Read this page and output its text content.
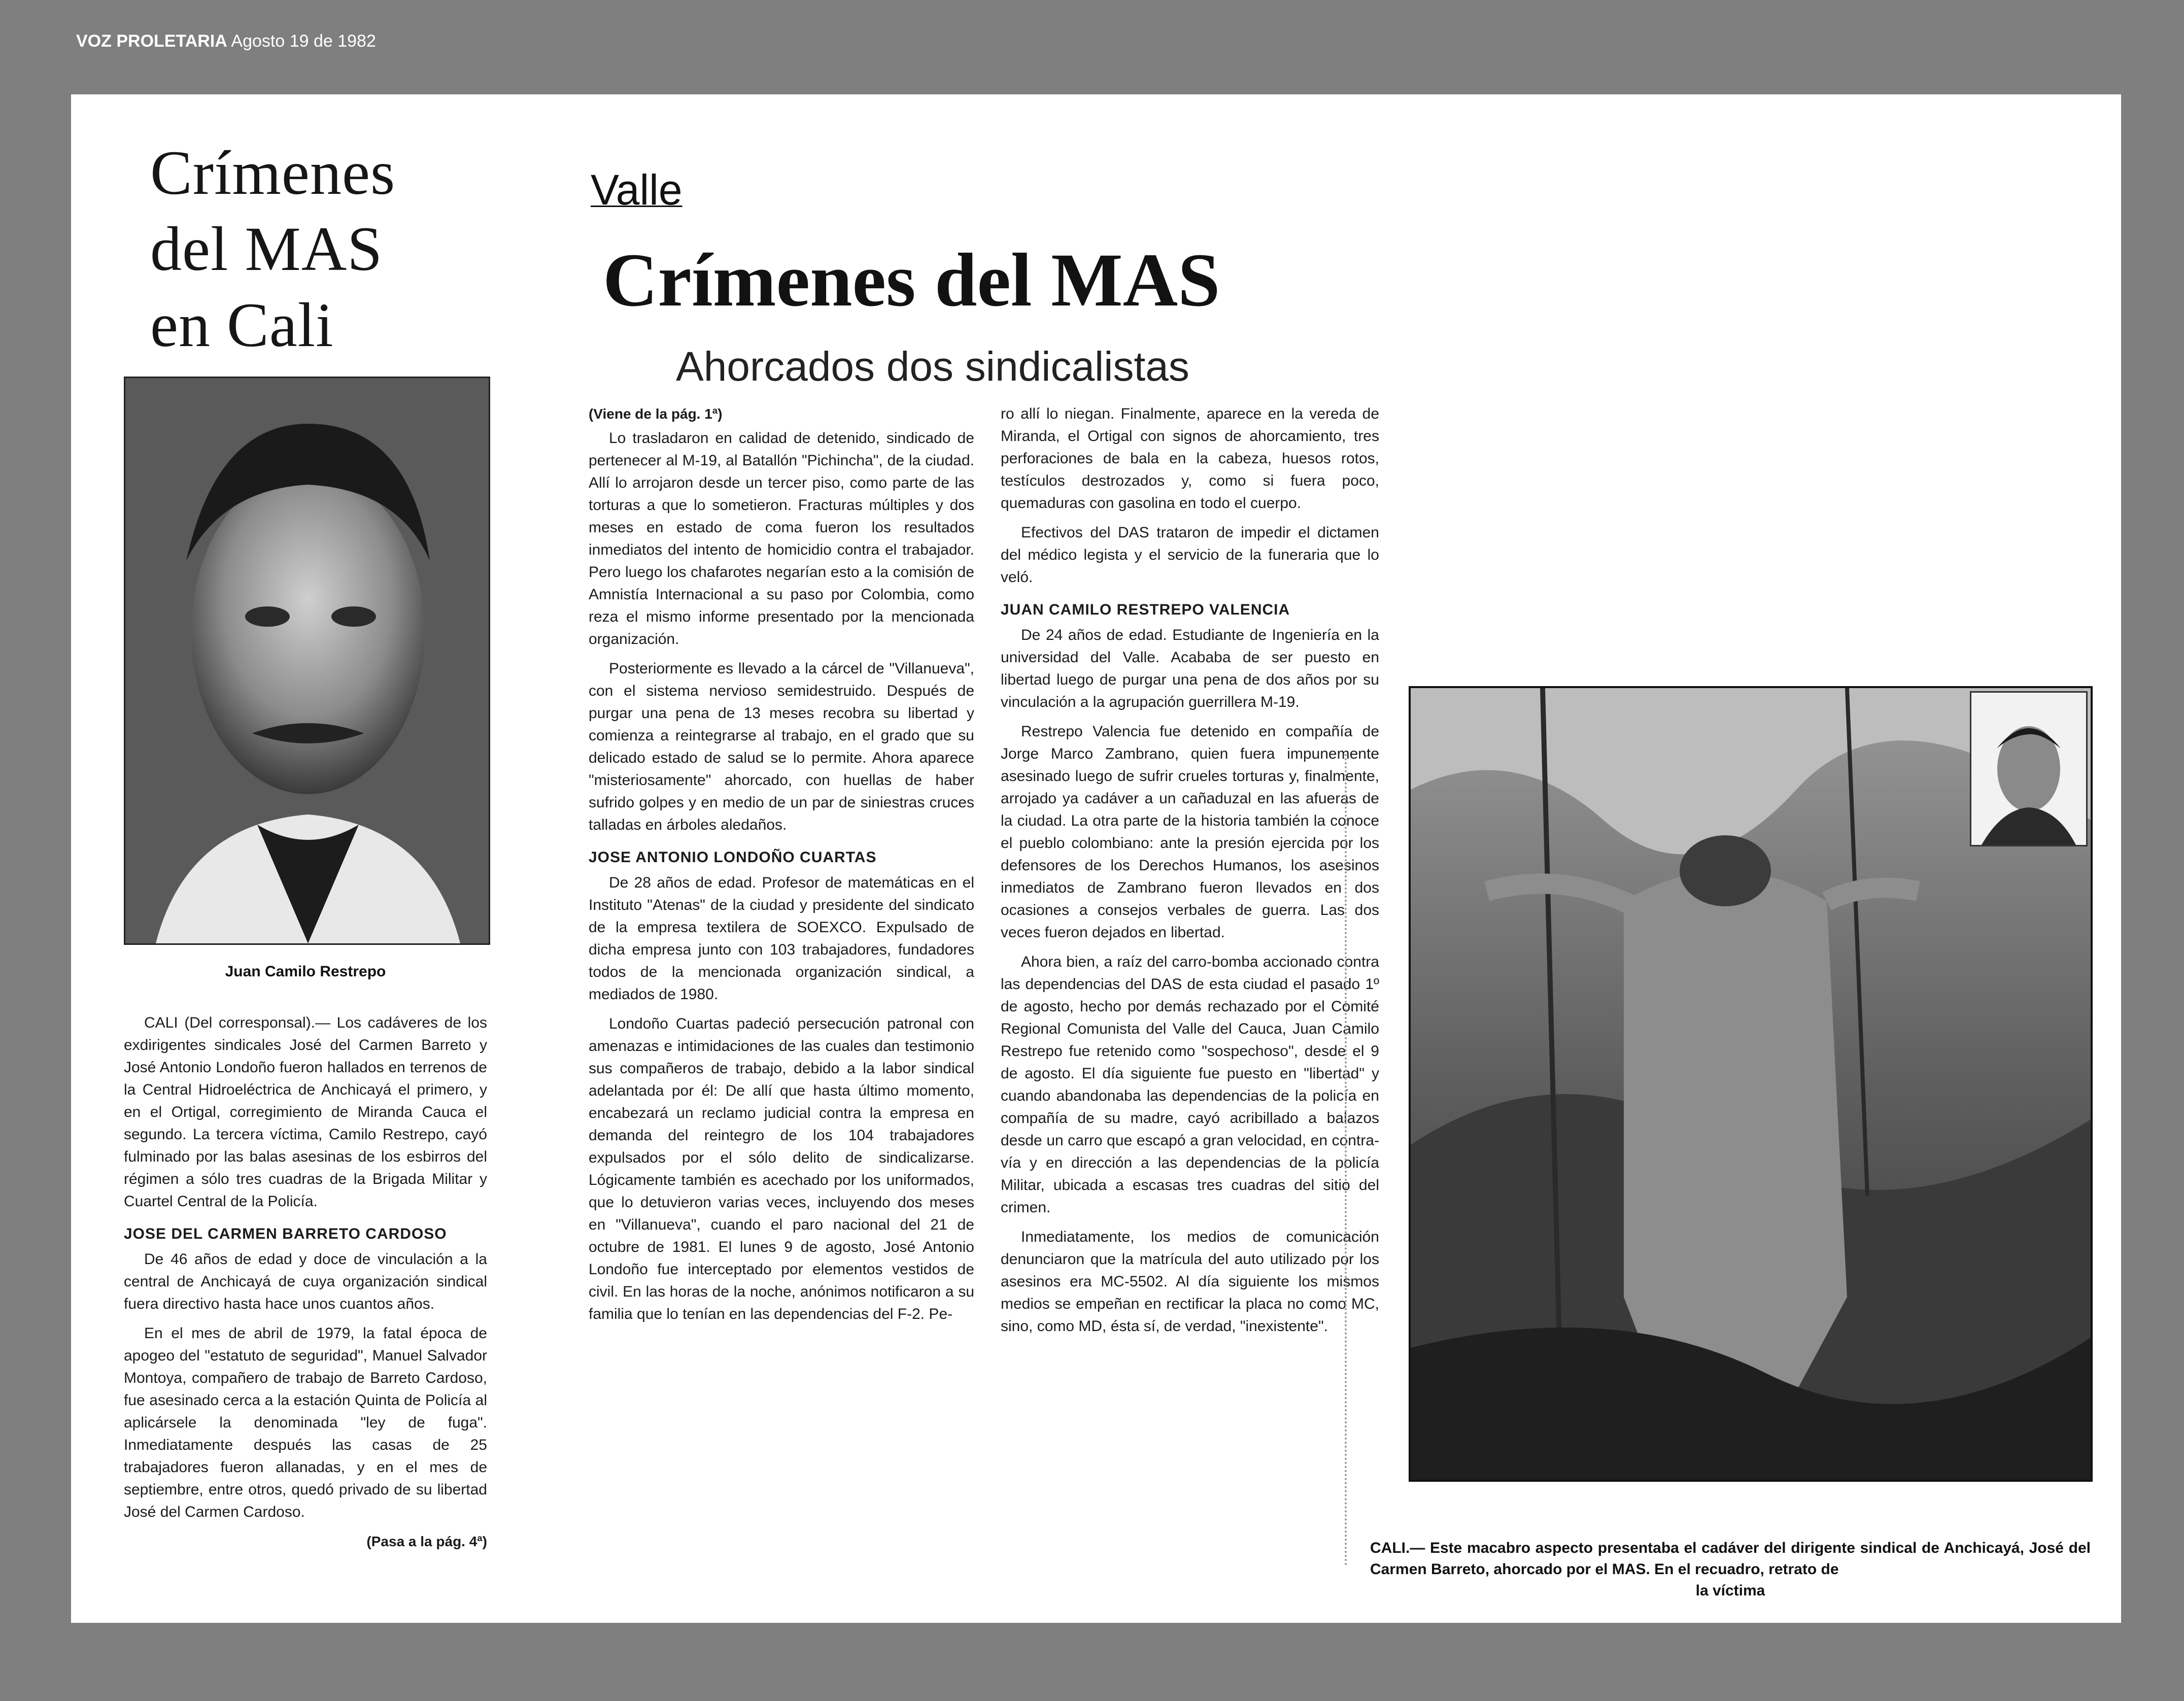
VOZ PROLETARIA Agosto 19 de 1982
Crímenes
del MAS
en Cali
Juan Camilo Restrepo

CALI (Del corresponsal).— Los cadáveres de los exdirigentes sindicales José del Carmen Barreto y José Antonio Londoño fueron hallados en terrenos de la Central Hidroeléctrica de Anchicayá el primero, y en el Ortigal, corregimiento de Miranda Cauca el segundo. La tercera víctima, Camilo Restrepo, cayó fulminado por las balas asesinas de los esbirros del régimen a sólo tres cuadras de la Brigada Militar y Cuartel Central de la Policía.

JOSE DEL CARMEN BARRETO CARDOSO

De 46 años de edad y doce de vinculación a la central de Anchicayá de cuya organización sindical fuera directivo hasta hace unos cuantos años.

En el mes de abril de 1979, la fatal época de apogeo del "estatuto de seguridad", Manuel Salvador Montoya, compañero de trabajo de Barreto Cardoso, fue asesinado cerca a la estación Quinta de Policía al aplicársele la denominada "ley de fuga". Inmediatamente después las casas de 25 trabajadores fueron allanadas, y en el mes de septiembre, entre otros, quedó privado de su libertad José del Carmen Cardoso.

(Pasa a la pág. 4ª)
Valle
Crímenes del MAS
Ahorcados dos sindicalistas
(Viene de la pág. 1ª)

Lo trasladaron en calidad de detenido, sindicado de pertenecer al M-19, al Batallón "Pichincha", de la ciudad. Allí lo arrojaron desde un tercer piso, como parte de las torturas a que lo sometieron. Fracturas múltiples y dos meses en estado de coma fueron los resultados inmediatos del intento de homicidio contra el trabajador. Pero luego los chafarotes negarían esto a la comisión de Amnistía Internacional a su paso por Colombia, como reza el mismo informe presentado por la mencionada organización.

Posteriormente es llevado a la cárcel de "Villanueva", con el sistema nervioso semidestruido. Después de purgar una pena de 13 meses recobra su libertad y comienza a reintegrarse al trabajo, en el grado que su delicado estado de salud se lo permite. Ahora aparece "misteriosamente" ahorcado, con huellas de haber sufrido golpes y en medio de un par de siniestras cruces talladas en árboles aledaños.

JOSE ANTONIO LONDOÑO CUARTAS

De 28 años de edad. Profesor de matemáticas en el Instituto "Atenas" de la ciudad y presidente del sindicato de la empresa textilera de SOEXCO. Expulsado de dicha empresa junto con 103 trabajadores, fundadores todos de la mencionada organización sindical, a mediados de 1980.

Londoño Cuartas padeció persecución patronal con amenazas e intimidaciones de las cuales dan testimonio sus compañeros de trabajo, debido a la labor sindical adelantada por él: De allí que hasta último momento, encabezará un reclamo judicial contra la empresa en demanda del reintegro de los 104 trabajadores expulsados por el sólo delito de sindicalizarse. Lógicamente también es acechado por los uniformados, que lo detuvieron varias veces, incluyendo dos meses en "Villanueva", cuando el paro nacional del 21 de octubre de 1981. El lunes 9 de agosto, José Antonio Londoño fue interceptado por elementos vestidos de civil. En las horas de la noche, anónimos notificaron a su familia que lo tenían en las dependencias del F-2. Pe-

ro allí lo niegan. Finalmente, aparece en la vereda de Miranda, el Ortigal con signos de ahorcamiento, tres perforaciones de bala en la cabeza, huesos rotos, testículos destrozados y, como si fuera poco, quemaduras con gasolina en todo el cuerpo.

Efectivos del DAS trataron de impedir el dictamen del médico legista y el servicio de la funeraria que lo veló.

JUAN CAMILO RESTREPO VALENCIA

De 24 años de edad. Estudiante de Ingeniería en la universidad del Valle. Acababa de ser puesto en libertad luego de purgar una pena de dos años por su vinculación a la agrupación guerrillera M-19.

Restrepo Valencia fue detenido en compañía de Jorge Marco Zambrano, quien fuera impunemente asesinado luego de sufrir crueles torturas y, finalmente, arrojado ya cadáver a un cañaduzal en las afueras de la ciudad. La otra parte de la historia también la conoce el pueblo colombiano: ante la presión ejercida por los defensores de los Derechos Humanos, los asesinos inmediatos de Zambrano fueron llevados en dos ocasiones a consejos verbales de guerra. Las dos veces fueron dejados en libertad.

Ahora bien, a raíz del carro-bomba accionado contra las dependencias del DAS de esta ciudad el pasado 1º de agosto, hecho por demás rechazado por el Comité Regional Comunista del Valle del Cauca, Juan Camilo Restrepo fue retenido como "sospechoso", desde el 9 de agosto. El día siguiente fue puesto en "libertad" y cuando abandonaba las dependencias de la policía en compañía de su madre, cayó acribillado a balazos desde un carro que escapó a gran velocidad, en contra-vía y en dirección a las dependencias de la policía Militar, ubicada a escasas tres cuadras del sitio del crimen.

Inmediatamente, los medios de comunicación denunciaron que la matrícula del auto utilizado por los asesinos era MC-5502. Al día siguiente los mismos medios se empeñan en rectificar la placa no como MC, sino, como MD, ésta sí, de verdad, "inexistente".

CALI.— Este macabro aspecto presentaba el cadáver del dirigente sindical de Anchicayá, José del Carmen Barreto, ahorcado por el MAS. En el recuadro, retrato de
la víctima
